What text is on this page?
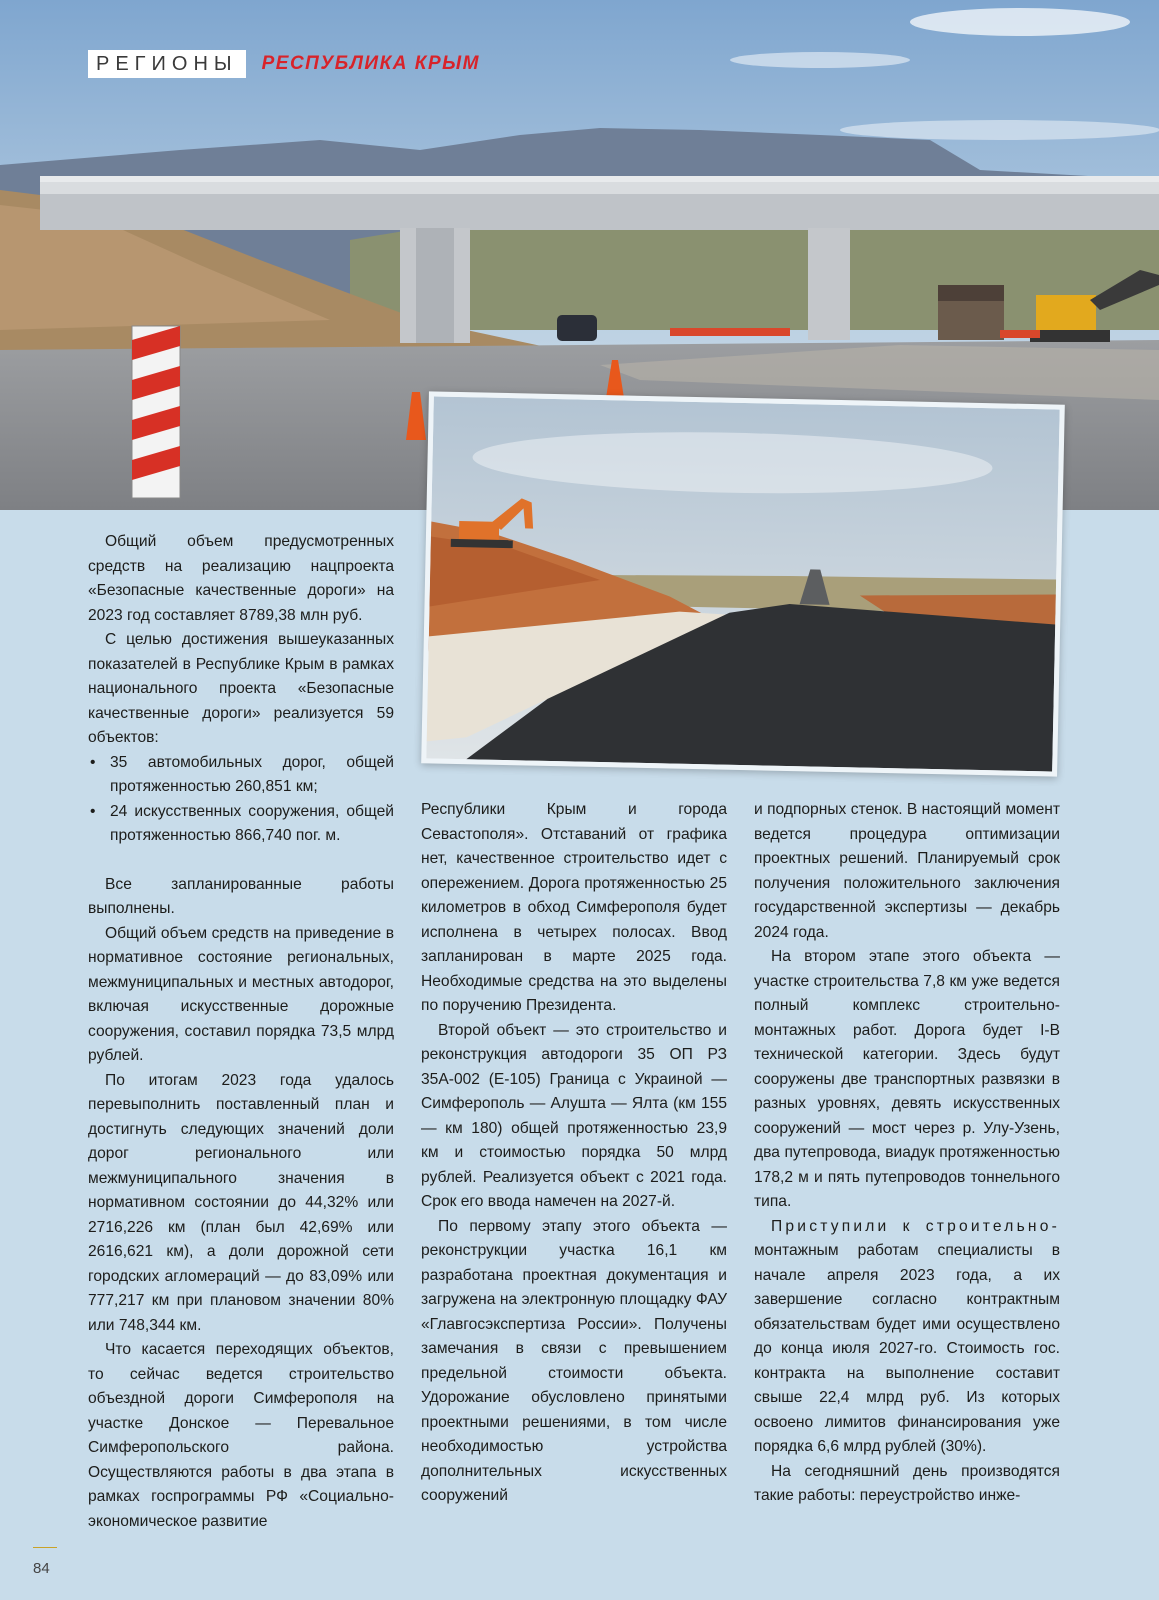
РЕГИОНЫ	РЕСПУБЛИКА КРЫМ

Общий объем предусмотренных средств на реализацию нацпроекта «Безопасные качественные дороги» на 2023 год составляет 8789,38 млн руб.

С целью достижения вышеуказанных показателей в Республике Крым в рамках национального проекта «Безопасные качественные дороги» реализуется 59 объектов:

• 35 автомобильных дорог, общей протяженностью 260,851 км;
• 24 искусственных сооружения, общей протяженностью 866,740 пог. м.

Все запланированные работы выполнены.

Общий объем средств на приведение в нормативное состояние региональных, межмуниципальных и местных автодорог, включая искусственные дорожные сооружения, составил порядка 73,5 млрд рублей.

По итогам 2023 года удалось перевыполнить поставленный план и достигнуть следующих значений доли дорог регионального или межмуниципального значения в нормативном состоянии до 44,32% или 2716,226 км (план был 42,69% или 2616,621 км), а доли дорожной сети городских агломераций — до 83,09% или 777,217 км при плановом значении 80% или 748,344 км.

Что касается переходящих объектов, то сейчас ведется строительство объездной дороги Симферополя на участке Донское — Перевальное Симферопольского района. Осуществляются работы в два этапа в рамках госпрограммы РФ «Социально-экономическое развитие

Республики Крым и города Севастополя». Отставаний от графика нет, качественное строительство идет с опережением. Дорога протяженностью 25 километров в обход Симферополя будет исполнена в четырех полосах. Ввод запланирован в марте 2025 года. Необходимые средства на это выделены по поручению Президента.

Второй объект — это строительство и реконструкция автодороги 35 ОП РЗ 35А-002 (Е-105) Граница с Украиной — Симферополь — Алушта — Ялта (км 155 — км 180) общей протяженностью 23,9 км и стоимостью порядка 50 млрд рублей. Реализуется объект с 2021 года. Срок его ввода намечен на 2027-й.

По первому этапу этого объекта — реконструкции участка 16,1 км разработана проектная документация и загружена на электронную площадку ФАУ «Главгосэкспертиза России». Получены замечания в связи с превышением предельной стоимости объекта. Удорожание обусловлено принятыми проектными решениями, в том числе необходимостью устройства дополнительных искусственных сооружений

и подпорных стенок. В настоящий момент ведется процедура оптимизации проектных решений. Планируемый срок получения положительного заключения государственной экспертизы — декабрь 2024 года.

На втором этапе этого объекта — участке строительства 7,8 км уже ведется полный комплекс строительно-монтажных работ. Дорога будет I-В технической категории. Здесь будут сооружены две транспортных развязки в разных уровнях, девять искусственных сооружений — мост через р. Улу-Узень, два путепровода, виадук протяженностью 178,2 м и пять путепроводов тоннельного типа.

Приступили к строительно- монтажным работам специалисты в начале апреля 2023 года, а их завершение согласно контрактным обязательствам будет ими осуществлено до конца июля 2027-го. Стоимость гос. контракта на выполнение составит свыше 22,4 млрд руб. Из которых освоено лимитов финансирования уже порядка 6,6 млрд рублей (30%).

На сегодняшний день производятся такие работы: переустройство инже-

84
